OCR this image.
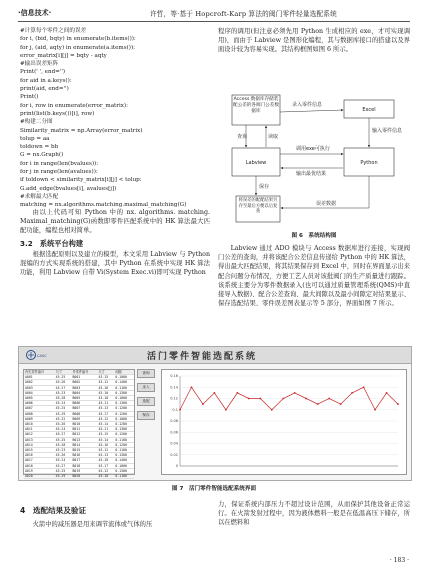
·信息技术·	许哲，等·基于 Hopcroft-Karp 算法的阀门零件轻量选配系统
#计算每个零件之间的误差
for i, (bid, bqty) in enumerate(b.items()):
for j, (aid, aqty) in enumerate(a.items()):
error_matrix[i][j] = bqty - aqty
#输出误差矩阵
Print(' ', end='')
for aid in a.keys():
print(aid, end='')
Print()
for i, row in enumerate(error_matrix):
print(list(b.keys())[i], row)
#构建二分图
Similarity_matrix = np.Array(error_matrix)
tolup = aa
toldown = bb
G = nx.Graph()
for i in range(len(bvalues)):
for j in range(len(avalues)):
if toldown < similarity_matrix[i][j] < tolup:
G.add_edge(bvalues[i], avalues[j])
#求解最大匹配
matching = nx.algorithms.matching.maximal_matching(G)

由以上代码可知 Python 中的 nx. algorithms. matching. Maximal_matching(G)函数即零件匹配系统中的 HK 算法最大匹配功能，编程也相对简单。

3.2　系统平台构建

根据选配原则以及建立的模型，本文采用 Labview 与 Python 混编的方式实现系统的搭建，其中 Python 在系统中实现 HK 算法功能，利用 Labview 自带 Vi(System Exec.vi)即可实现 Python

程序的调用(但注意必须先用 Python 生成相应的 exe，才可实现调用)，而由于 Labview 是图形化编程，其与数据库接口的搭建以及界面设计较为容易实现。其结构框图如图 6 所示。

Access 数据库存储装配公差的各阀门公差数据库	Excel
Labview	Python
将误差的配配结果另存至最后方便以后复查
查询	读取
调用exe可执行
输出最优结果
录入零件信息
输入零件信息
保存
误差数据
图 6　系统结构图

Labview 通过 ADO 模块与 Access 数据库进行连接，实现阀门公差的查询，并将该配合公差信息传递给 Python 中的 HK 算法，得出最大匹配结果，将其结果保存到 Excel 中，同时在界面显示出来配合问题分布情况，方便工艺人员对该批阀门的生产质量进行跟踪。该系统主要分为零件数据录入(也可以通过质量管理系统(QMS)中直接导入数据)、配合公差查询、最大间隙以及最小间隙定对结果显示、保存选配结果、零件误差图表显示等 5 部分，界面如图 7 所示。

CASC	活门零件智能选配系统
内孔零件编号	尺寸	外零件编号	尺寸	间隙
A001	45.25	B001	45.15	0.1000
A002	45.26	B002	45.12	0.1400
A003	45.27	B003	45.16	0.1100
A004	45.23	B004	45.10	0.1300
A005	45.28	B005	45.18	0.1000
A006	45.24	B006	45.11	0.1300
A007	45.25	B007	45.13	0.1200
A008	45.29	B008	45.17	0.1200
A009	45.22	B009	45.12	0.1000
A010	45.26	B010	45.14	0.1200
A011	45.24	B011	45.11	0.1300
A012	45.27	B012	45.15	0.1200
A013	45.25	B013	45.14	0.1100
A014	45.28	B014	45.16	0.1200
A015	45.23	B015	45.12	0.1100
A016	45.26	B016	45.13	0.1300
A017	45.24	B017	45.10	0.1400
A018	45.27	B018	45.17	0.1000
A019	45.25	B019	45.12	0.1300
A020	45.29	B020	45.18	0.1100
查询
录入
选配
保存
0
0.02
0.04
0.06
0.08
0.1
0.12
0.14
0.16
图 7　活门零件智能选配系统界面
4　选配结果及验证

火箭中的减压器是用来调节流体或气体的压

力，保证系统内部压力不超过设计范围，从而保护其他设备正常运行。在火箭发射过程中，因为液体燃料一般是在低温高压下储存，所以在燃料和

· 183 ·
